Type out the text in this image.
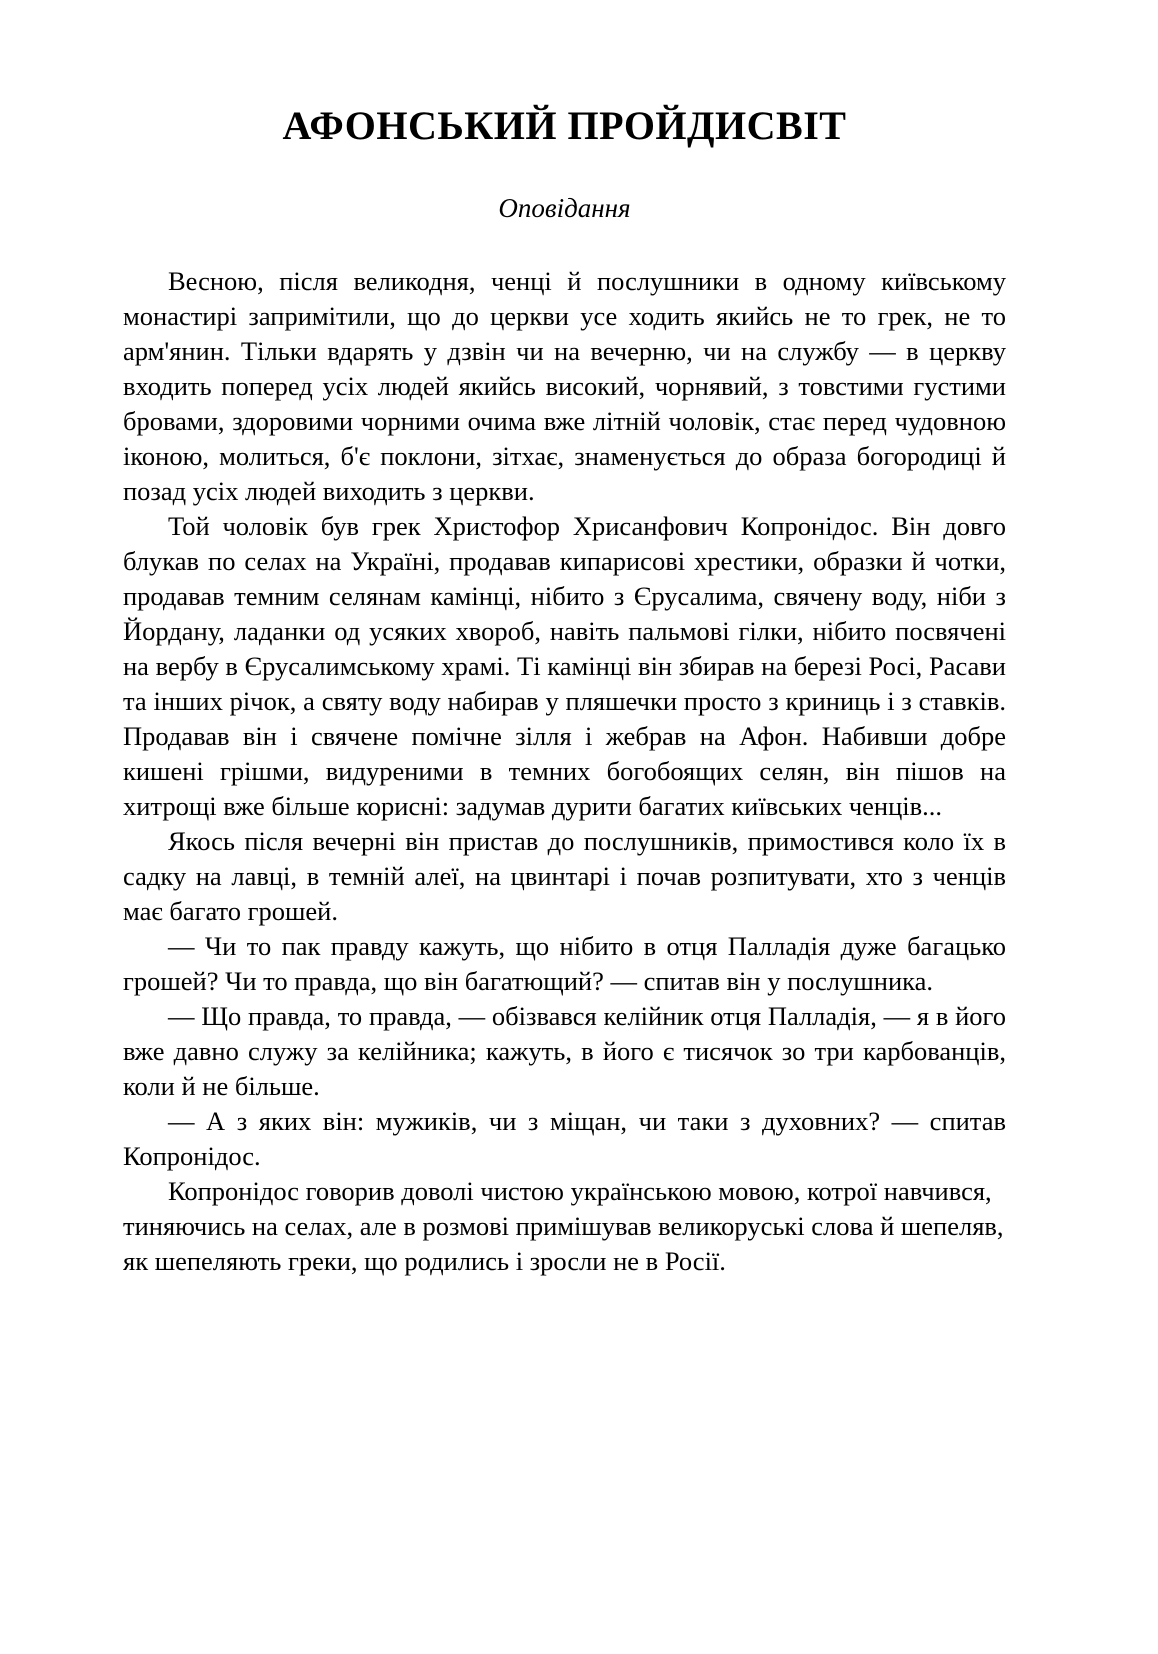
АФОНСЬКИЙ ПРОЙДИСВІТ
Оповідання

Весною, після великодня, ченці й послушники в одному київському монастирі запримітили, що до церкви усе ходить якийсь не то грек, не то арм'янин. Тільки вдарять у дзвін чи на вечерню, чи на службу — в церкву входить поперед усіх людей якийсь високий, чорнявий, з товстими густими бровами, здоровими чорними очима вже літній чоловік, стає перед чудовною іконою, молиться, б'є поклони, зітхає, знаменується до образа богородиці й позад усіх людей виходить з церкви.

Той чоловік був грек Христофор Хрисанфович Копронідос. Він довго блукав по селах на Україні, продавав кипарисові хрестики, образки й чотки, продавав темним селянам камінці, нібито з Єрусалима, свячену воду, ніби з Йордану, ладанки од усяких хвороб, навіть пальмові гілки, нібито посвячені на вербу в Єрусалимському храмі. Ті камінці він збирав на березі Росі, Расави та інших річок, а святу воду набирав у пляшечки просто з криниць і з ставків. Продавав він і свячене помічне зілля і жебрав на Афон. Набивши добре кишені грішми, видуреними в темних богобоящих селян, він пішов на хитрощі вже більше корисні: задумав дурити багатих київських ченців...

Якось після вечерні він пристав до послушників, примостився коло їх в садку на лавці, в темній алеї, на цвинтарі і почав розпитувати, хто з ченців має багато грошей.

— Чи то пак правду кажуть, що нібито в отця Палладія дуже багацько грошей? Чи то правда, що він багатющий? — спитав він у послушника.

— Що правда, то правда, — обізвався келійник отця Палладія, — я в його вже давно служу за келійника; кажуть, в його є тисячок зо три карбованців, коли й не більше.

— А з яких він: мужиків, чи з міщан, чи таки з духовних? — спитав Копронідос.

Копронідос говорив доволі чистою українською мовою, котрої навчився, тиняючись на селах, але в розмові примішував великоруські слова й шепеляв, як шепеляють греки, що родились і зросли не в Росії.
